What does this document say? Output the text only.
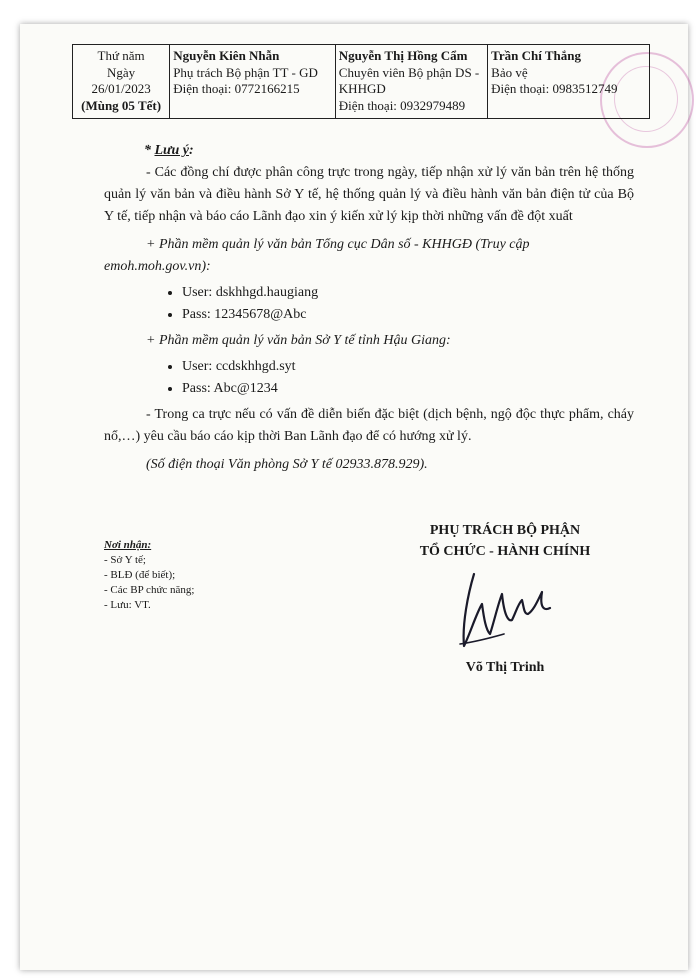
Thứ năm
Ngày
26/01/2023
(Mùng 05 Tết)

Nguyễn Kiên Nhẫn
Phụ trách Bộ phận TT - GD
Điện thoại: 0772166215

Nguyễn Thị Hồng Cẩm
Chuyên viên Bộ phận DS - KHHGD
Điện thoại: 0932979489

Trần Chí Thắng
Bảo vệ
Điện thoại: 0983512749

* Lưu ý:

- Các đồng chí được phân công trực trong ngày, tiếp nhận xử lý văn bản trên hệ thống quản lý văn bản và điều hành Sở Y tế, hệ thống quản lý và điều hành văn bản điện tử của Bộ Y tế, tiếp nhận và báo cáo Lãnh đạo xin ý kiến xử lý kịp thời những vấn đề đột xuất

+ Phần mềm quản lý văn bản Tổng cục Dân số - KHHGĐ (Truy cập emoh.moh.gov.vn):

• User: dskhhgd.haugiang
• Pass: 12345678@Abc

+ Phần mềm quản lý văn bản Sở Y tế tỉnh Hậu Giang:

• User: ccdskhhgd.syt
• Pass: Abc@1234

- Trong ca trực nếu có vấn đề diễn biến đặc biệt (dịch bệnh, ngộ độc thực phẩm, cháy nổ,…) yêu cầu báo cáo kịp thời Ban Lãnh đạo để có hướng xử lý.

(Số điện thoại Văn phòng Sở Y tế 02933.878.929).

Nơi nhận:
- Sở Y tế;
- BLĐ (để biết);
- Các BP chức năng;
- Lưu: VT.
PHỤ TRÁCH BỘ PHẬN
TỔ CHỨC - HÀNH CHÍNH
Võ Thị Trinh
